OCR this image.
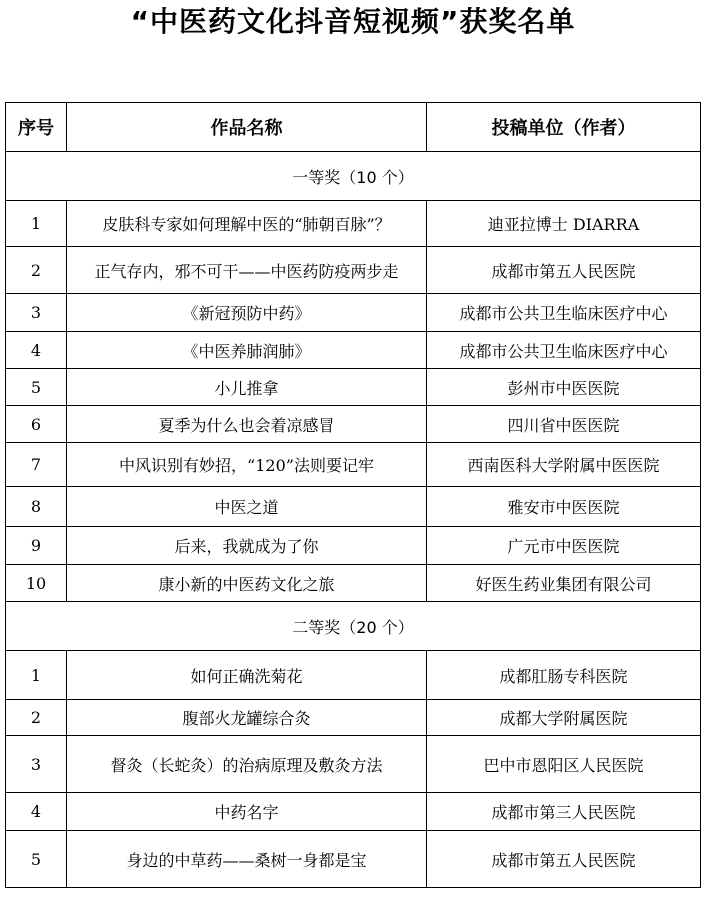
“中医药文化抖音短视频”获奖名单
序号	作品名称	投稿单位（作者）
一等奖（10 个）		
1	皮肤科专家如何理解中医的“肺朝百脉”？	迪亚拉博士 DIARRA
2	正气存内，邪不可干——中医药防疫两步走	成都市第五人民医院
3	《新冠预防中药》	成都市公共卫生临床医疗中心
4	《中医养肺润肺》	成都市公共卫生临床医疗中心
5	小儿推拿	彭州市中医医院
6	夏季为什么也会着凉感冒	四川省中医医院
7	中风识别有妙招，“120”法则要记牢	西南医科大学附属中医医院
8	中医之道	雅安市中医医院
9	后来，我就成为了你	广元市中医医院
10	康小新的中医药文化之旅	好医生药业集团有限公司
二等奖（20 个）		
1	如何正确洗菊花	成都肛肠专科医院
2	腹部火龙罐综合灸	成都大学附属医院
3	督灸（长蛇灸）的治病原理及敷灸方法	巴中市恩阳区人民医院
4	中药名字	成都市第三人民医院
5	身边的中草药——桑树一身都是宝	成都市第五人民医院
